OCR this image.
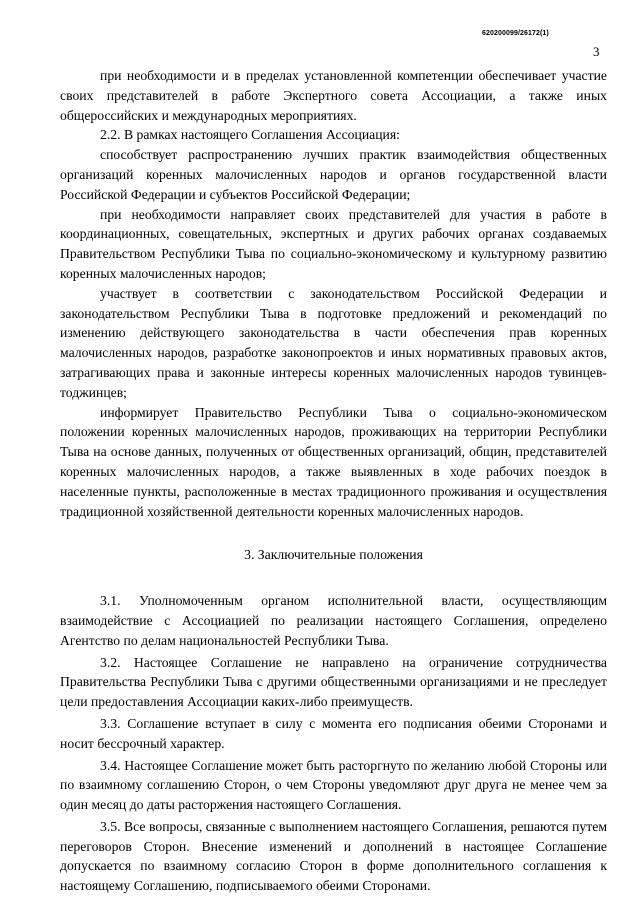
620200099/26172(1)
3

при необходимости и в пределах установленной компетенции обеспечивает участие своих представителей в работе Экспертного совета Ассоциации, а также иных общероссийских и международных мероприятиях.

2.2. В рамках настоящего Соглашения Ассоциация:

способствует распространению лучших практик взаимодействия общественных организаций коренных малочисленных народов и органов государственной власти Российской Федерации и субъектов Российской Федерации;

при необходимости направляет своих представителей для участия в работе в координационных, совещательных, экспертных и других рабочих органах создаваемых Правительством Республики Тыва по социально-экономическому и культурному развитию коренных малочисленных народов;

участвует в соответствии с законодательством Российской Федерации и законодательством Республики Тыва в подготовке предложений и рекомендаций по изменению действующего законодательства в части обеспечения прав коренных малочисленных народов, разработке законопроектов и иных нормативных правовых актов, затрагивающих права и законные интересы коренных малочисленных народов тувинцев-тоджинцев;

информирует Правительство Республики Тыва о социально-экономическом положении коренных малочисленных народов, проживающих на территории Республики Тыва на основе данных, полученных от общественных организаций, общин, представителей коренных малочисленных народов, а также выявленных в ходе рабочих поездок в населенные пункты, расположенные в местах традиционного проживания и осуществления традиционной хозяйственной деятельности коренных малочисленных народов.

3. Заключительные положения

3.1. Уполномоченным органом исполнительной власти, осуществляющим взаимодействие с Ассоциацией по реализации настоящего Соглашения, определено Агентство по делам национальностей Республики Тыва.

3.2. Настоящее Соглашение не направлено на ограничение сотрудничества Правительства Республики Тыва с другими общественными организациями и не преследует цели предоставления Ассоциации каких-либо преимуществ.

3.3. Соглашение вступает в силу с момента его подписания обеими Сторонами и носит бессрочный характер.

3.4. Настоящее Соглашение может быть расторгнуто по желанию любой Стороны или по взаимному соглашению Сторон, о чем Стороны уведомляют друг друга не менее чем за один месяц до даты расторжения настоящего Соглашения.

3.5. Все вопросы, связанные с выполнением настоящего Соглашения, решаются путем переговоров Сторон. Внесение изменений и дополнений в настоящее Соглашение допускается по взаимному согласию Сторон в форме дополнительного соглашения к настоящему Соглашению, подписываемого обеими Сторонами.
